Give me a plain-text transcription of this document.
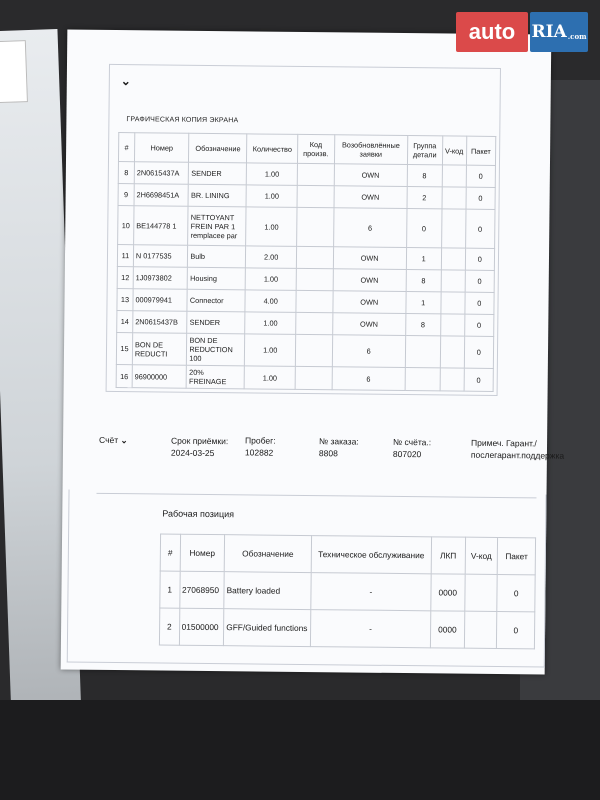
⌄
ГРАФИЧЕСКАЯ КОПИЯ ЭКРАНА
#	Номер	Обозначение	Количество	Код произв.	Возобновлённые заявки	Группа детали	V-код	Пакет
8	2N0615437A	SENDER	1.00		OWN	8		0
9	2H6698451A	BR. LINING	1.00		OWN	2		0
10	BE144778 1	NETTOYANT FREIN PAR 1 remplacee par	1.00		6	0		0
11	N 0177535	Bulb	2.00		OWN	1		0
12	1J0973802	Housing	1.00		OWN	8		0
13	000979941	Connector	4.00		OWN	1		0
14	2N0615437B	SENDER	1.00		OWN	8		0
15	BON DE REDUCTI	BON DE REDUCTION 100	1.00		6			0
16	96900000	20% FREINAGE	1.00		6			0
Счёт ⌄	Срок приёмки:
2024-03-25
Пробег:
102882
№ заказа:
8808
№ счёта.:
807020
Примеч. Гарант./ послегарант.поддержка
Рабочая позиция
#	Номер	Обозначение	Техническое обслуживание	ЛКП	V-код	Пакет
1	27068950	Battery loaded	-	0000		0
2	01500000	GFF/Guided functions	-	0000		0
auto RIA .com
